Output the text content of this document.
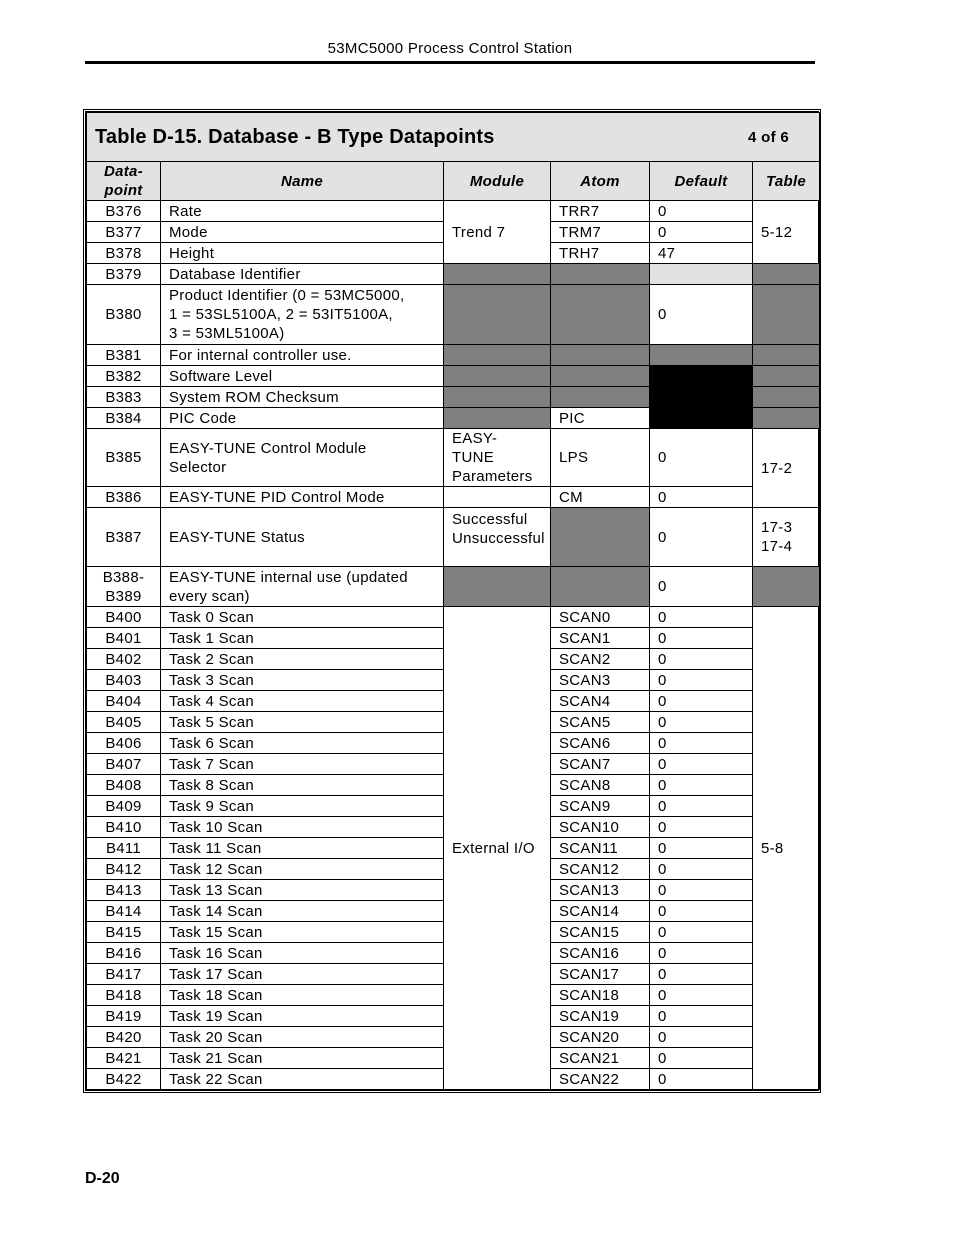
53MC5000 Process Control Station
Table D-15. Database - B Type Datapoints 4 of 6					

Data-
point	Name	Module	Atom	Default	Table
B376	Rate	Trend 7	TRR7	0	5-12
B377	Mode		TRM7	0	
B378	Height		TRH7	47	
B379	Database Identifier				
B380	Product Identifier (0 = 53MC5000,
1 = 53SL5100A, 2 = 53IT5100A,
3 = 53ML5100A)			0	
B381	For internal controller use.				
B382	Software Level				
B383	System ROM Checksum				
B384	PIC Code		PIC		
B385	EASY-TUNE Control Module
Selector	EASY-
TUNE
Parameters	LPS	0	17-2
B386	EASY-TUNE PID Control Mode		CM	0	
B387	EASY-TUNE Status	Successful
Unsuccessful		0	17-3
17-4
B388-
B389	EASY-TUNE internal use (updated
every scan)			0	
B400	Task 0 Scan	External I/O	SCAN0	0	5-8
B401	Task 1 Scan		SCAN1	0	
B402	Task 2 Scan		SCAN2	0	
B403	Task 3 Scan		SCAN3	0	
B404	Task 4 Scan		SCAN4	0	
B405	Task 5 Scan		SCAN5	0	
B406	Task 6 Scan		SCAN6	0	
B407	Task 7 Scan		SCAN7	0	
B408	Task 8 Scan		SCAN8	0	
B409	Task 9 Scan		SCAN9	0	
B410	Task 10 Scan		SCAN10	0	
B411	Task 11 Scan		SCAN11	0	
B412	Task 12 Scan		SCAN12	0	
B413	Task 13 Scan		SCAN13	0	
B414	Task 14 Scan		SCAN14	0	
B415	Task 15 Scan		SCAN15	0	
B416	Task 16 Scan		SCAN16	0	
B417	Task 17 Scan		SCAN17	0	
B418	Task 18 Scan		SCAN18	0	
B419	Task 19 Scan		SCAN19	0	
B420	Task 20 Scan		SCAN20	0	
B421	Task 21 Scan		SCAN21	0	
B422	Task 22 Scan		SCAN22	0	
D-20
